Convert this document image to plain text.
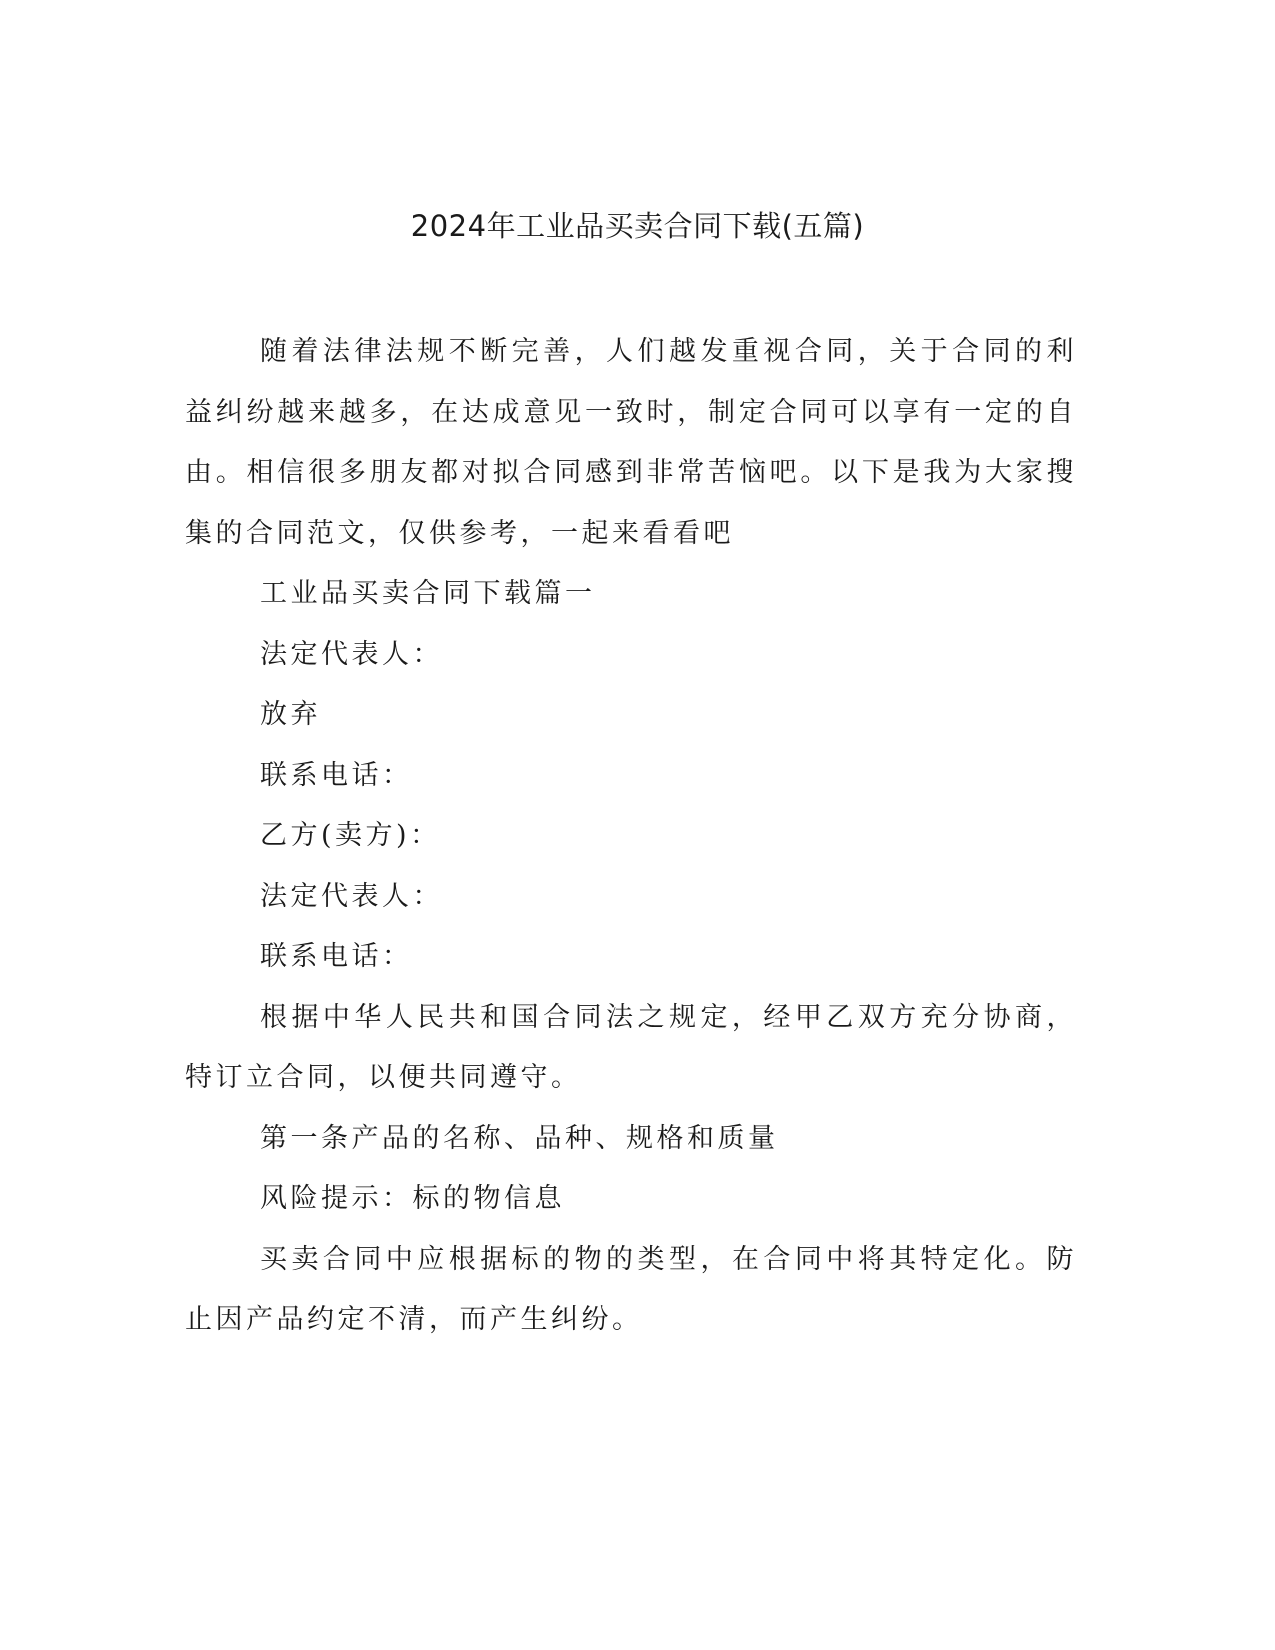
2024年工业品买卖合同下载(五篇)

随着法律法规不断完善，人们越发重视合同，关于合同的利益纠纷越来越多，在达成意见一致时，制定合同可以享有一定的自由。相信很多朋友都对拟合同感到非常苦恼吧。以下是我为大家搜集的合同范文，仅供参考，一起来看看吧

工业品买卖合同下载篇一

法定代表人：

放弃

联系电话：

乙方(卖方)：

法定代表人：

联系电话：

根据中华人民共和国合同法之规定，经甲乙双方充分协商，特订立合同，以便共同遵守。

第一条产品的名称、品种、规格和质量

风险提示：标的物信息

买卖合同中应根据标的物的类型，在合同中将其特定化。防止因产品约定不清，而产生纠纷。
